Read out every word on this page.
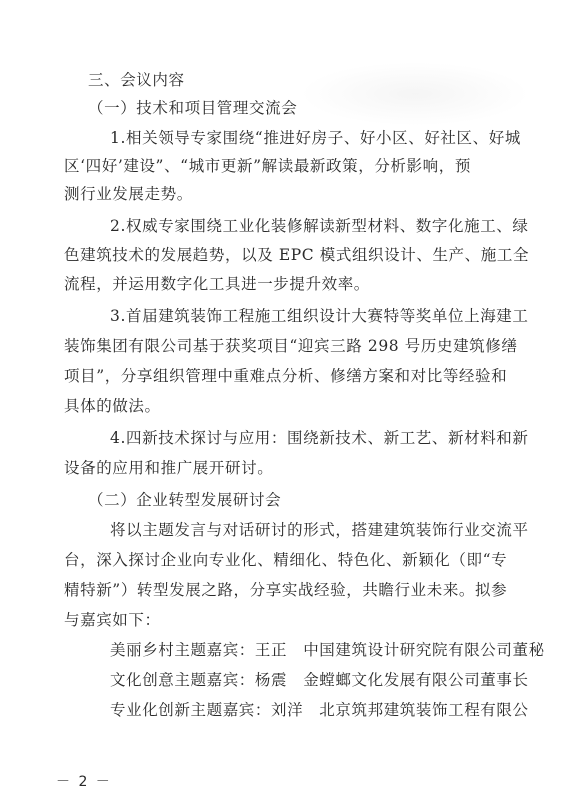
三、会议内容
（一）技术和项目管理交流会
1.相关领导专家围绕“推进好房子、好小区、好社区、好城
区‘四好’建设”、“城市更新”解读最新政策，分析影响，预
测行业发展走势。
2.权威专家围绕工业化装修解读新型材料、数字化施工、绿
色建筑技术的发展趋势，以及 EPC 模式组织设计、生产、施工全
流程，并运用数字化工具进一步提升效率。
3.首届建筑装饰工程施工组织设计大赛特等奖单位上海建工
装饰集团有限公司基于获奖项目“迎宾三路 298 号历史建筑修缮
项目”，分享组织管理中重难点分析、修缮方案和对比等经验和
具体的做法。
4.四新技术探讨与应用：围绕新技术、新工艺、新材料和新
设备的应用和推广展开研讨。
（二）企业转型发展研讨会
将以主题发言与对话研讨的形式，搭建建筑装饰行业交流平
台，深入探讨企业向专业化、精细化、特色化、新颖化（即“专
精特新”）转型发展之路，分享实战经验，共瞻行业未来。拟参
与嘉宾如下：
美丽乡村主题嘉宾：王正　中国建筑设计研究院有限公司董秘
文化创意主题嘉宾：杨震　金螳螂文化发展有限公司董事长
专业化创新主题嘉宾：刘洋　北京筑邦建筑装饰工程有限公
－ 2 －
